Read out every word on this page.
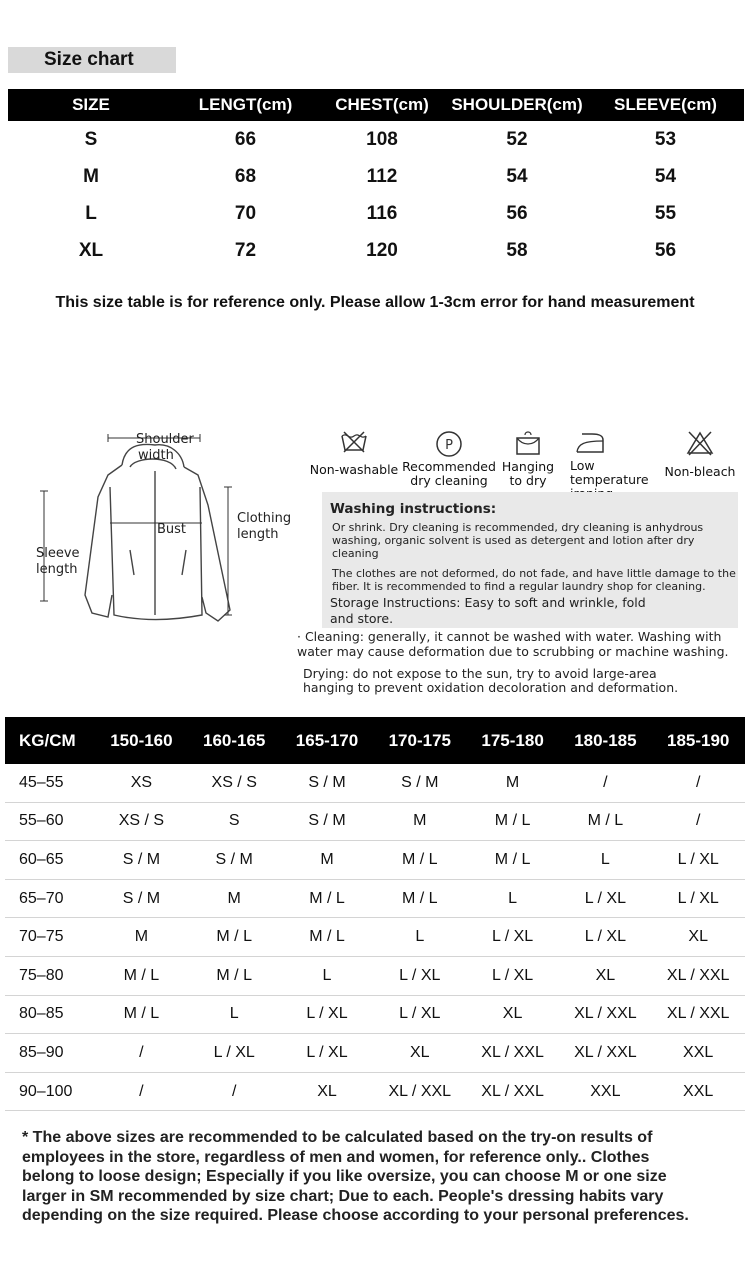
Size chart
SIZE	LENGT(cm)	CHEST(cm)	SHOULDER(cm)	SLEEVE(cm)
S	66	108	52	53
M	68	112	54	54
L	70	116	56	55
XL	72	120	58	56
This size table is for reference only. Please allow 1-3cm error for hand measurement
Shoulder
width
Bust
Clothing
length
Sleeve
length
Non-washable
P
Recommended
dry cleaning
Hanging
to dry
Low
temperature
Non-bleach
Washing instructions:
Or shrink. Dry cleaning is recommended, dry cleaning is anhydrous
washing, organic solvent is used as detergent and lotion after dry
cleaning
The clothes are not deformed, do not fade, and have little damage to the
fiber. It is recommended to find a regular laundry shop for cleaning.
Storage Instructions: Easy to soft and wrinkle, fold
and store.
· Cleaning: generally, it cannot be washed with water. Washing with
water may cause deformation due to scrubbing or machine washing.
Drying: do not expose to the sun, try to avoid large-area
hanging to prevent oxidation decoloration and deformation.
KG/CM	150-160	160-165	165-170	170-175	175-180	180-185	185-190
45–55	XS	XS / S	S / M	S / M	M	/	/
55–60	XS / S	S	S / M	M	M / L	M / L	/
60–65	S / M	S / M	M	M / L	M / L	L	L / XL
65–70	S / M	M	M / L	M / L	L	L / XL	L / XL
70–75	M	M / L	M / L	L	L / XL	L / XL	XL
75–80	M / L	M / L	L	L / XL	L / XL	XL	XL / XXL
80–85	M / L	L	L / XL	L / XL	XL	XL / XXL	XL / XXL
85–90	/	L / XL	L / XL	XL	XL / XXL	XL / XXL	XXL
90–100	/	/	XL	XL / XXL	XL / XXL	XXL	XXL
* The above sizes are recommended to be calculated based on the try-on results of
employees in the store, regardless of men and women, for reference only.. Clothes
belong to loose design; Especially if you like oversize, you can choose M or one size
larger in SM recommended by size chart; Due to each. People's dressing habits vary
depending on the size required. Please choose according to your personal preferences.
